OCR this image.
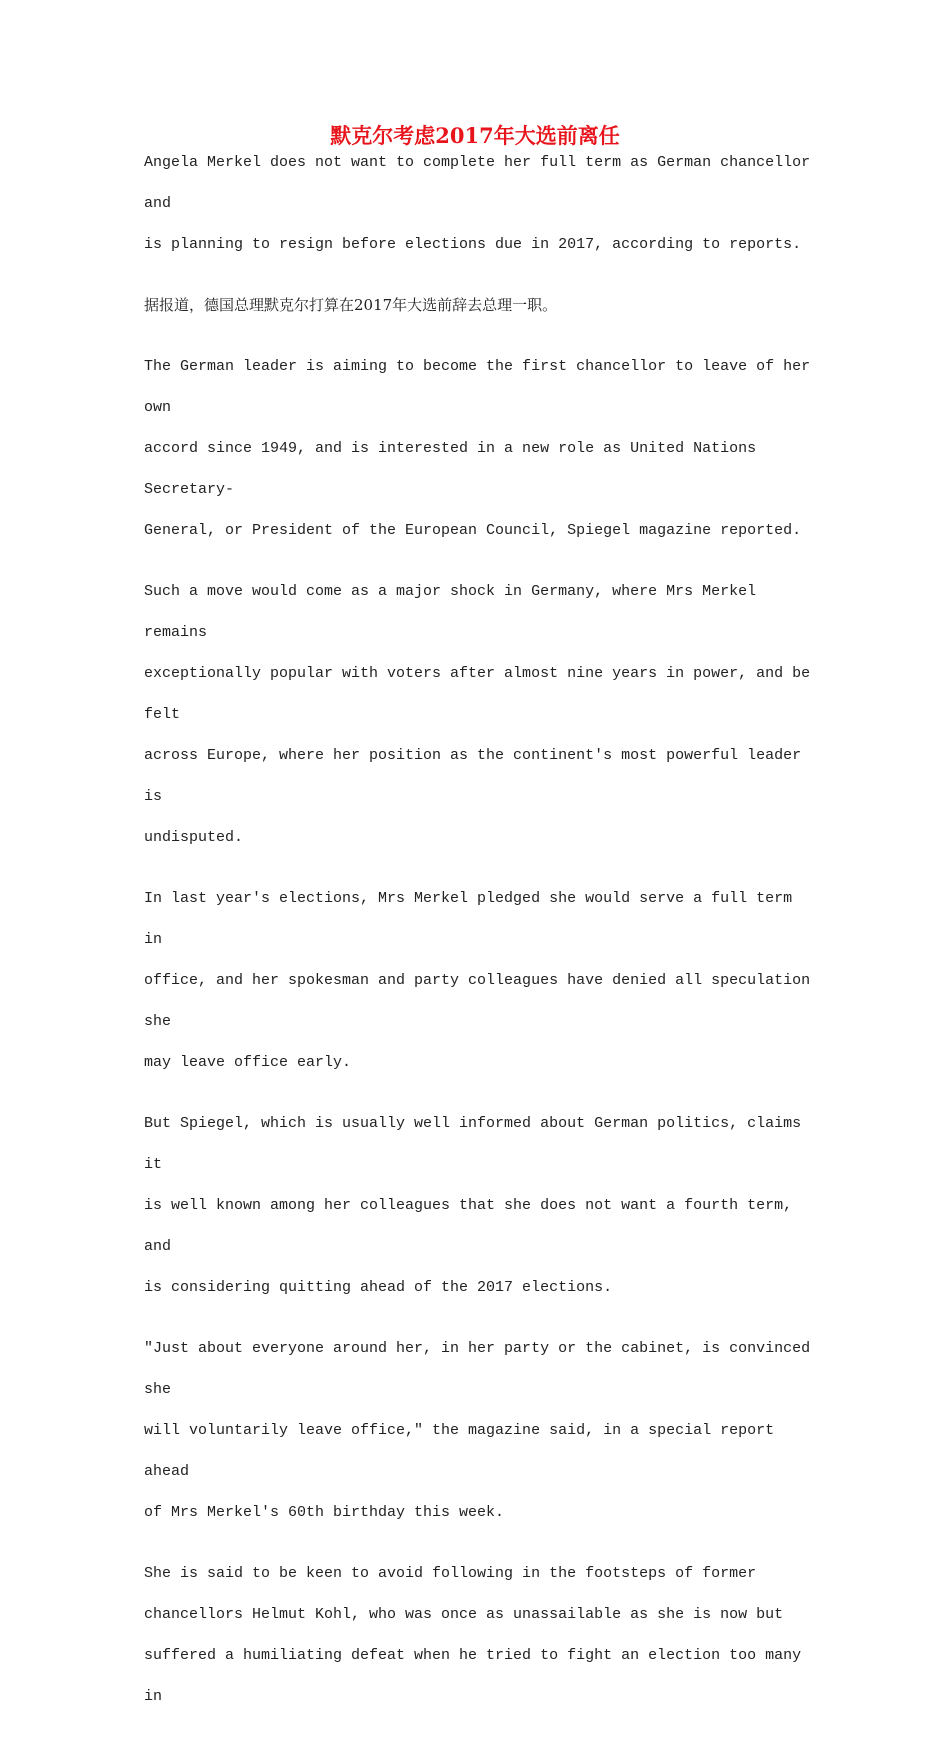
默克尔考虑2017年大选前离任

Angela Merkel does not want to complete her full term as German chancellor and
is planning to resign before elections due in 2017, according to reports.

据报道，德国总理默克尔打算在2017年大选前辞去总理一职。

The German leader is aiming to become the first chancellor to leave of her own
accord since 1949, and is interested in a new role as United Nations Secretary-
General, or President of the European Council, Spiegel magazine reported.

Such a move would come as a major shock in Germany, where Mrs Merkel remains
exceptionally popular with voters after almost nine years in power, and be felt
across Europe, where her position as the continent's most powerful leader is
undisputed.

In last year's elections, Mrs Merkel pledged she would serve a full term in
office, and her spokesman and party colleagues have denied all speculation she
may leave office early.

But Spiegel, which is usually well informed about German politics, claims it
is well known among her colleagues that she does not want a fourth term, and
is considering quitting ahead of the 2017 elections.

"Just about everyone around her, in her party or the cabinet, is convinced she
will voluntarily leave office," the magazine said, in a special report ahead
of Mrs Merkel's 60th birthday this week.

She is said to be keen to avoid following in the footsteps of former
chancellors Helmut Kohl, who was once as unassailable as she is now but
suffered a humiliating defeat when he tried to fight an election too many in
